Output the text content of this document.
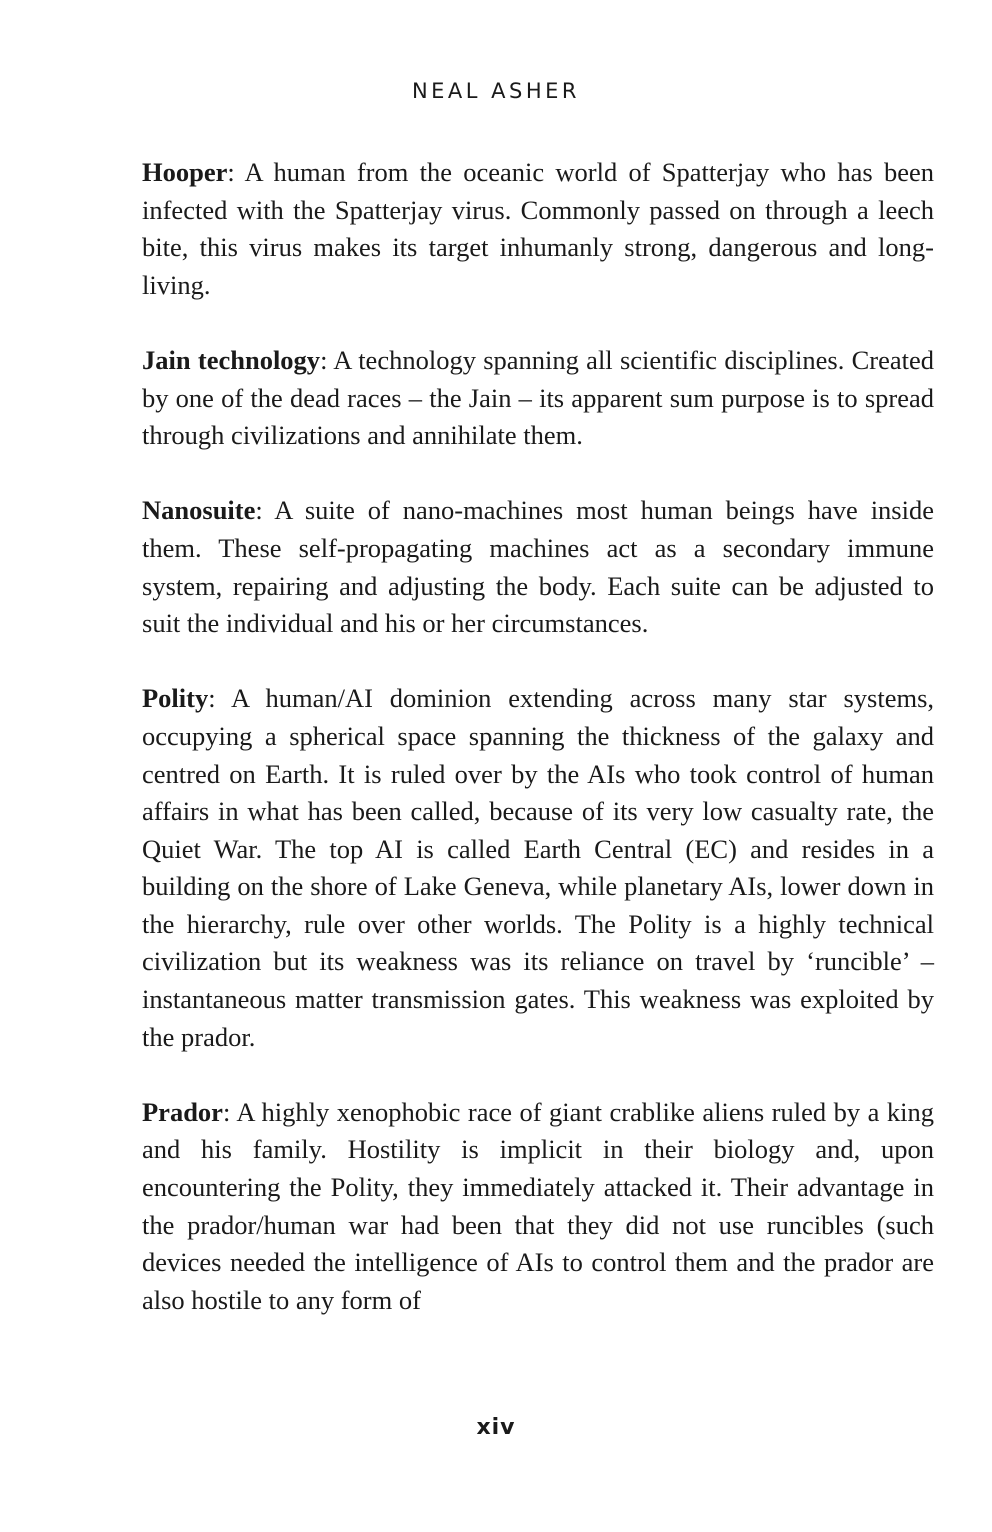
NEAL ASHER

Hooper: A human from the oceanic world of Spatterjay who has been infected with the Spatterjay virus. Commonly passed on through a leech bite, this virus makes its target inhumanly strong, dangerous and long-living.

Jain technology: A technology spanning all scientific disciplines. Created by one of the dead races – the Jain – its apparent sum purpose is to spread through civilizations and annihilate them.

Nanosuite: A suite of nano-machines most human beings have inside them. These self-propagating machines act as a secondary immune system, repairing and adjusting the body. Each suite can be adjusted to suit the individual and his or her circumstances.

Polity: A human/AI dominion extending across many star systems, occupying a spherical space spanning the thickness of the galaxy and centred on Earth. It is ruled over by the AIs who took control of human affairs in what has been called, because of its very low casualty rate, the Quiet War. The top AI is called Earth Central (EC) and resides in a building on the shore of Lake Geneva, while planetary AIs, lower down in the hierarchy, rule over other worlds. The Polity is a highly technical civilization but its weakness was its reliance on travel by ‘runcible’ – instantaneous matter transmission gates. This weakness was exploited by the prador.

Prador: A highly xenophobic race of giant crablike aliens ruled by a king and his family. Hostility is implicit in their biology and, upon encountering the Polity, they immediately attacked it. Their advantage in the prador/human war had been that they did not use runcibles (such devices needed the intelligence of AIs to control them and the prador are also hostile to any form of

xiv
